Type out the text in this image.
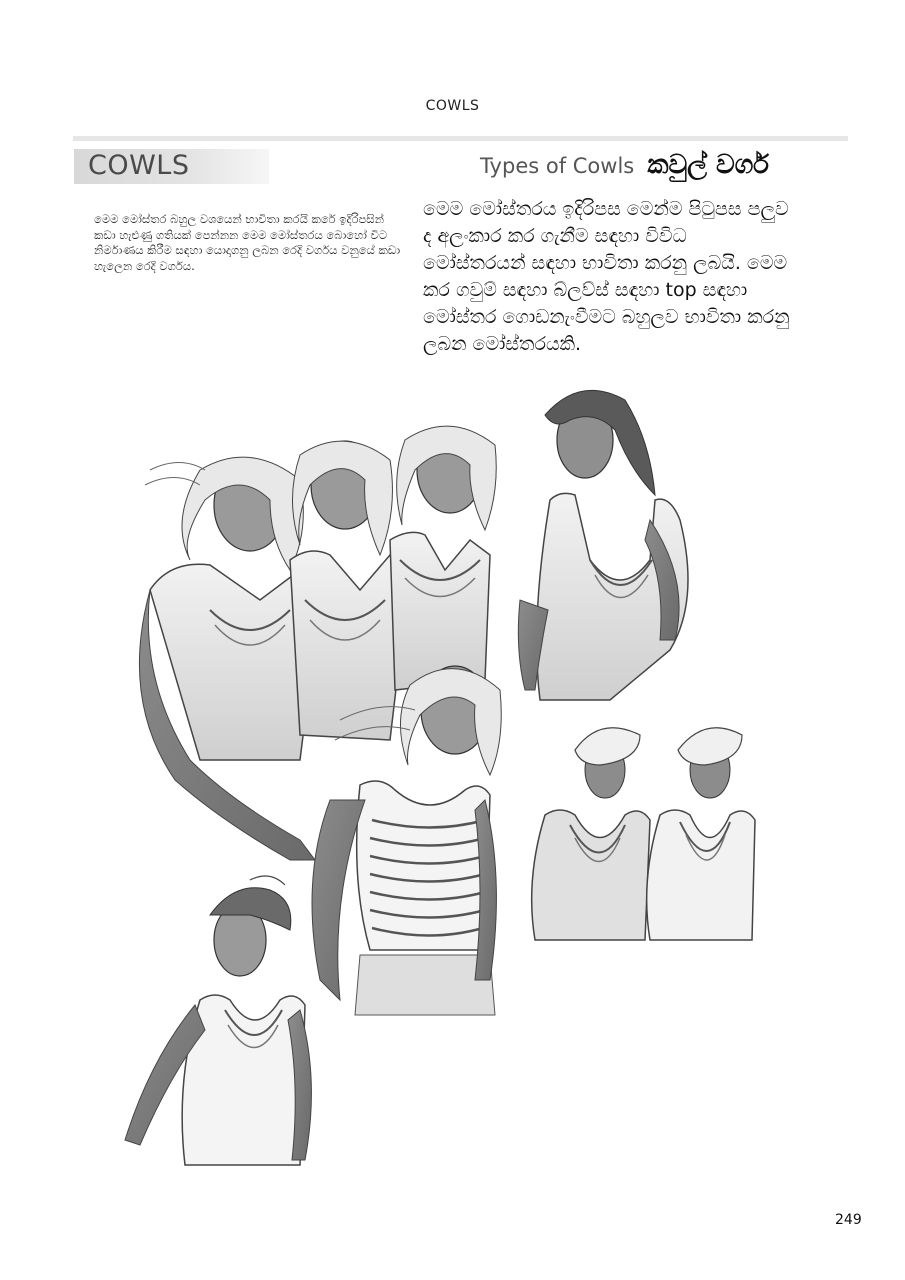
COWLS
COWLS	Types of Cowls කවුල් වර්ග
මෙම මෝස්තර බහුල වශයෙන් භාවිතා කරයි කරේ ඉදිරිපසින් කඩා හැළුණු ගතියක් පෙන්නන මෙම මෝස්තරය බොහෝ විට නිර්මාණය කිරීම සඳහා යොදාගනු ලබන රෙදි වර්ගය වනුයේ කඩා හැලෙන රෙදි වර්ගය.
මෙම මෝස්තරය ඉදිරිපස මෙන්ම පිටුපස පලුව ද අලංකාර කර ගැනීම සඳහා විවිධ මෝස්තරයන් සඳහා භාවිතා කරනු ලබයි. මෙම කර ගවුම් සඳහා බ්ලව්ස් සඳහා top සඳහා මෝස්තර ගොඩනැංවීමට බහුලව භාවිතා කරනු ලබන මෝස්තරයකි.
249
